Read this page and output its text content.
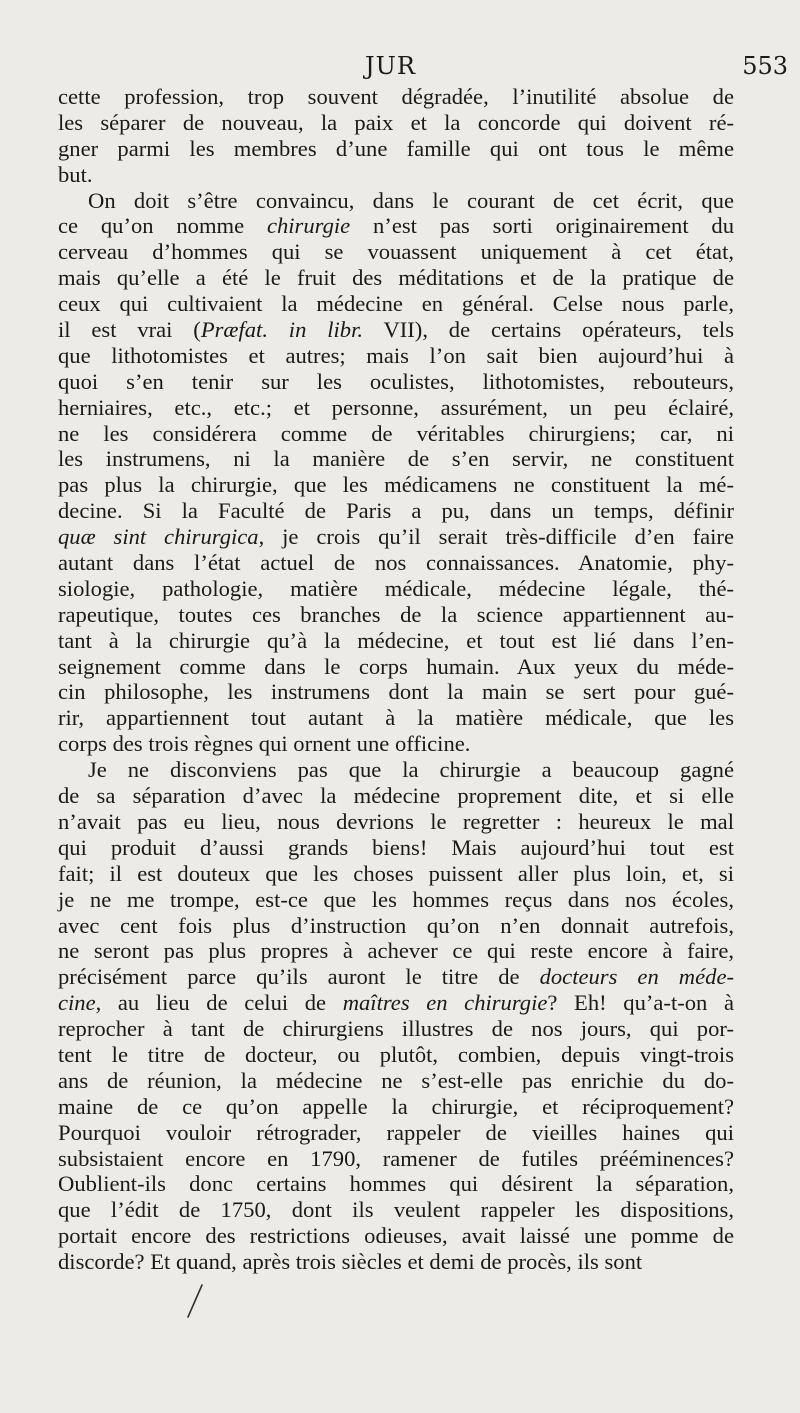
JUR	553
cette profession, trop souvent dégradée, l’inutilité absolue de
les séparer de nouveau, la paix et la concorde qui doivent ré-
gner parmi les membres d’une famille qui ont tous le même
but.
On doit s’être convaincu, dans le courant de cet écrit, que
ce qu’on nomme chirurgie n’est pas sorti originairement du
cerveau d’hommes qui se vouassent uniquement à cet état,
mais qu’elle a été le fruit des méditations et de la pratique de
ceux qui cultivaient la médecine en général. Celse nous parle,
il est vrai (Præfat. in libr. VII), de certains opérateurs, tels
que lithotomistes et autres; mais l’on sait bien aujourd’hui à
quoi s’en tenir sur les oculistes, lithotomistes, rebouteurs,
herniaires, etc., etc.; et personne, assurément, un peu éclairé,
ne les considérera comme de véritables chirurgiens; car, ni
les instrumens, ni la manière de s’en servir, ne constituent
pas plus la chirurgie, que les médicamens ne constituent la mé-
decine. Si la Faculté de Paris a pu, dans un temps, définir
quæ sint chirurgica, je crois qu’il serait très-difficile d’en faire
autant dans l’état actuel de nos connaissances. Anatomie, phy-
siologie, pathologie, matière médicale, médecine légale, thé-
rapeutique, toutes ces branches de la science appartiennent au-
tant à la chirurgie qu’à la médecine, et tout est lié dans l’en-
seignement comme dans le corps humain. Aux yeux du méde-
cin philosophe, les instrumens dont la main se sert pour gué-
rir, appartiennent tout autant à la matière médicale, que les
corps des trois règnes qui ornent une officine.
Je ne disconviens pas que la chirurgie a beaucoup gagné
de sa séparation d’avec la médecine proprement dite, et si elle
n’avait pas eu lieu, nous devrions le regretter : heureux le mal
qui produit d’aussi grands biens! Mais aujourd’hui tout est
fait; il est douteux que les choses puissent aller plus loin, et, si
je ne me trompe, est-ce que les hommes reçus dans nos écoles,
avec cent fois plus d’instruction qu’on n’en donnait autrefois,
ne seront pas plus propres à achever ce qui reste encore à faire,
précisément parce qu’ils auront le titre de docteurs en méde-
cine, au lieu de celui de maîtres en chirurgie? Eh! qu’a-t-on à
reprocher à tant de chirurgiens illustres de nos jours, qui por-
tent le titre de docteur, ou plutôt, combien, depuis vingt-trois
ans de réunion, la médecine ne s’est-elle pas enrichie du do-
maine de ce qu’on appelle la chirurgie, et réciproquement?
Pourquoi vouloir rétrograder, rappeler de vieilles haines qui
subsistaient encore en 1790, ramener de futiles prééminences?
Oublient-ils donc certains hommes qui désirent la séparation,
que l’édit de 1750, dont ils veulent rappeler les dispositions,
portait encore des restrictions odieuses, avait laissé une pomme de
discorde? Et quand, après trois siècles et demi de procès, ils sont
